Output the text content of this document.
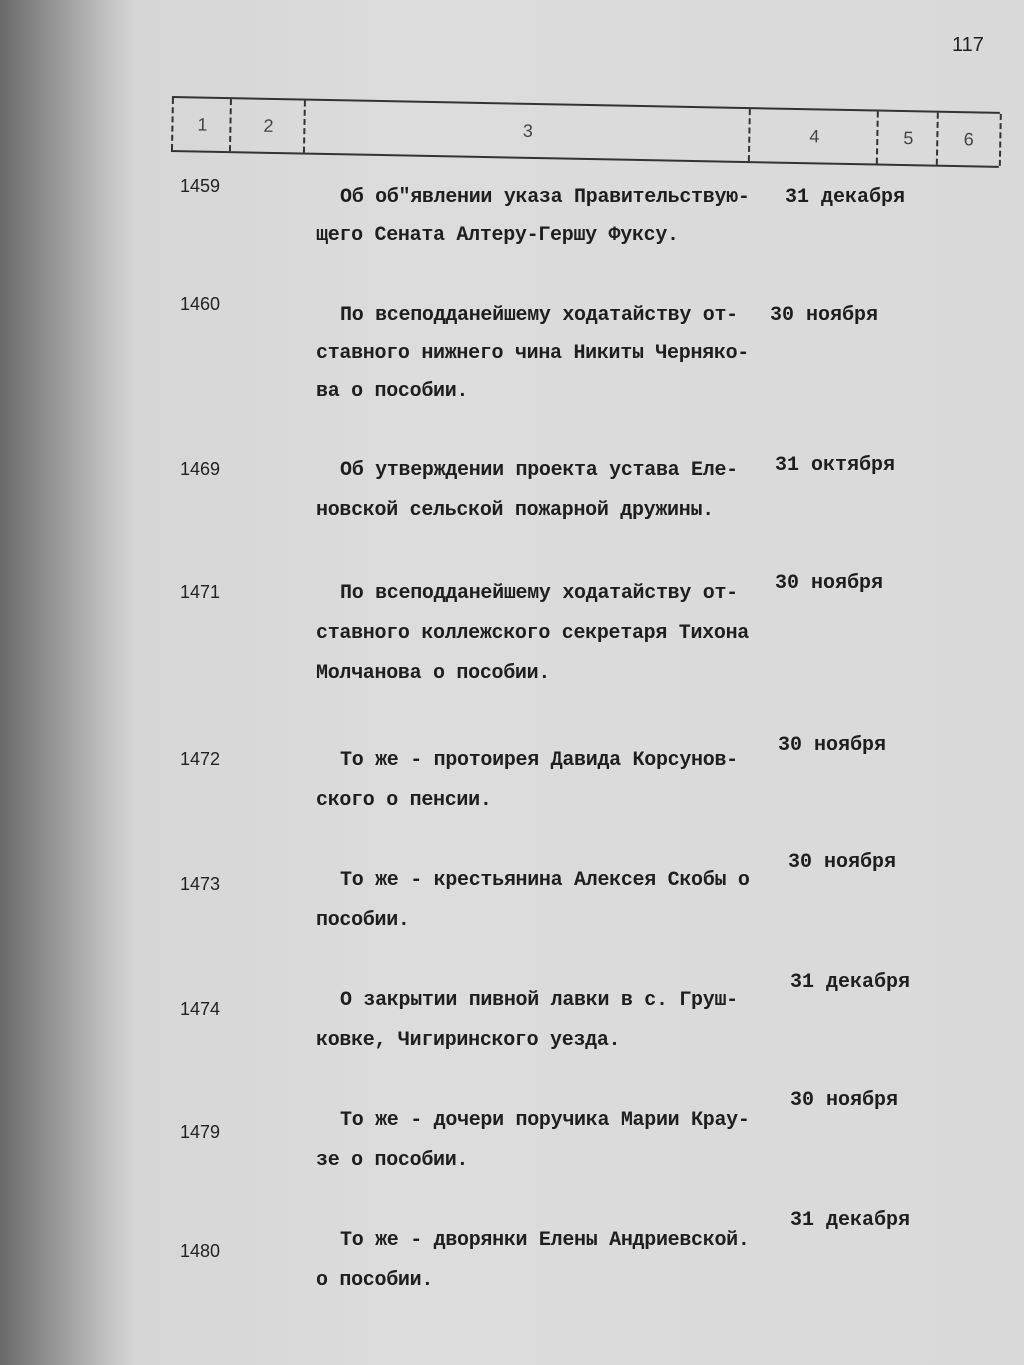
117
1	2	3	4	5	6
1459	Об об"явлении указа Правительствую-
щего Сената Алтеру-Гершу Фуксу.
31 декабря
1460	По всеподданейшему ходатайству от-
ставного нижнего чина Никиты Черняко-
ва о пособии.
30 ноября
1469	Об утверждении проекта устава Еле-
новской сельской пожарной дружины.
31 октября
1471	По всеподданейшему ходатайству от-
ставного коллежского секретаря Тихона
Молчанова о пособии.
30 ноября
1472	То же - протоирея Давида Корсунов-
ского о пенсии.
30 ноября
1473	То же - крестьянина Алексея Скобы о
пособии.
30 ноября
1474	О закрытии пивной лавки в с. Груш-
ковке, Чигиринского уезда.
31 декабря
1479	То же - дочери поручика Марии Крау-
зе о пособии.
30 ноября
1480	То же - дворянки Елены Андриевской.
о пособии.
31 декабря
